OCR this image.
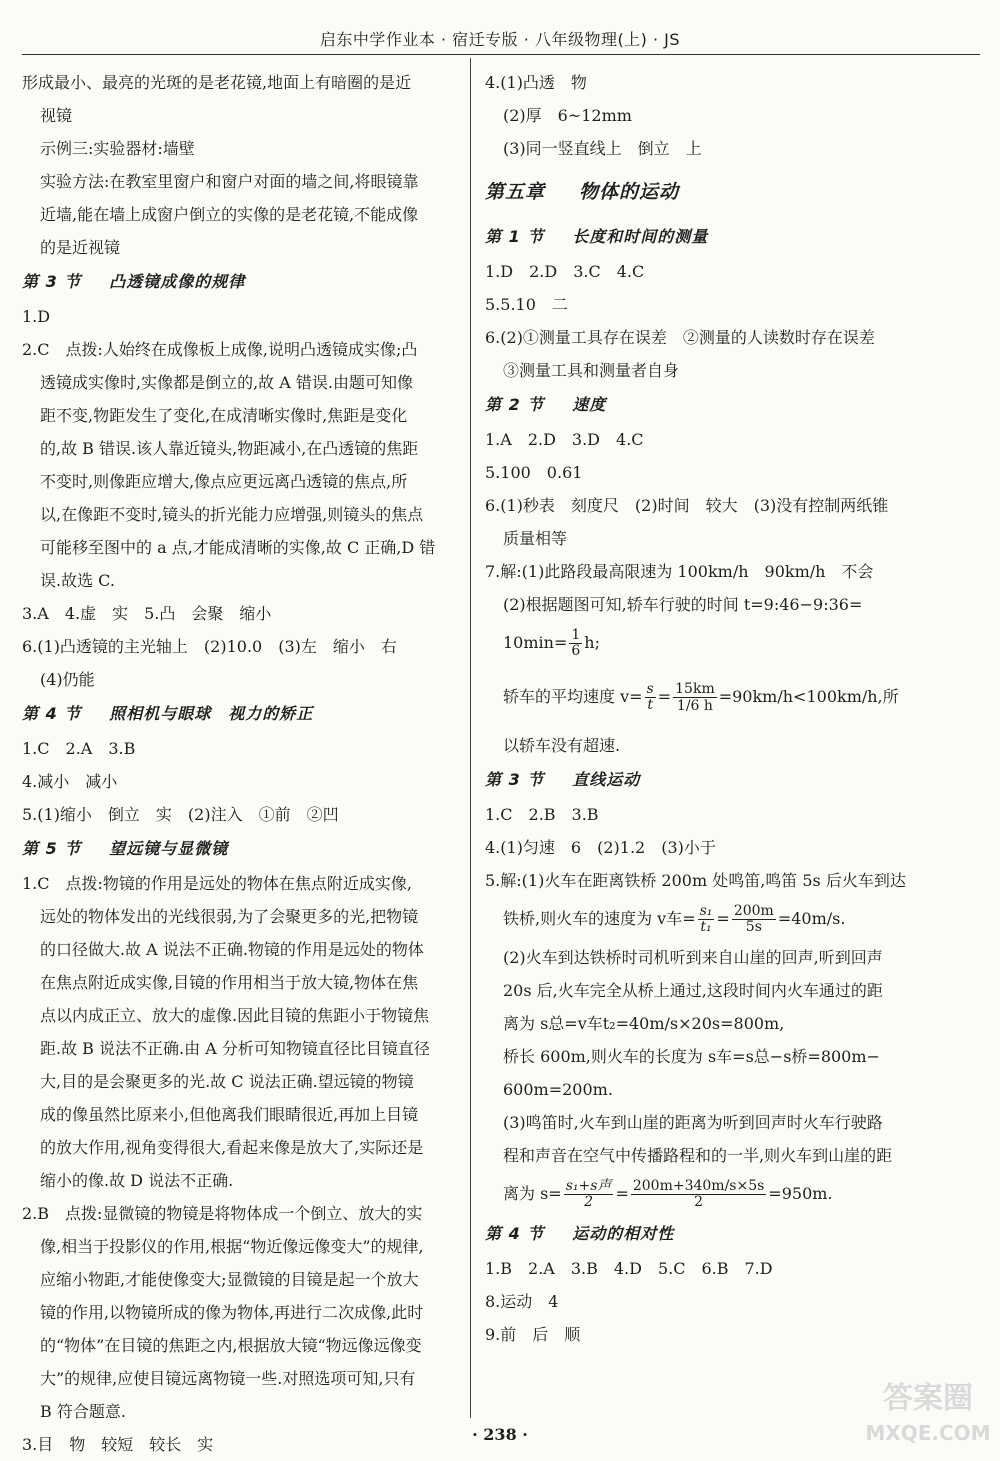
启东中学作业本 · 宿迁专版 · 八年级物理(上) · JS

形成最小、最亮的光斑的是老花镜,地面上有暗圈的是近

视镜

示例三:实验器材:墙壁

实验方法:在教室里窗户和窗户对面的墙之间,将眼镜靠

近墙,能在墙上成窗户倒立的实像的是老花镜,不能成像

的是近视镜

第 3 节 凸透镜成像的规律

1.D

2.C　点拨:人始终在成像板上成像,说明凸透镜成实像;凸

透镜成实像时,实像都是倒立的,故 A 错误.由题可知像

距不变,物距发生了变化,在成清晰实像时,焦距是变化

的,故 B 错误.该人靠近镜头,物距减小,在凸透镜的焦距

不变时,则像距应增大,像点应更远离凸透镜的焦点,所

以,在像距不变时,镜头的折光能力应增强,则镜头的焦点

可能移至图中的 a 点,才能成清晰的实像,故 C 正确,D 错

误.故选 C.

3.A　4.虚　实　5.凸　会聚　缩小

6.(1)凸透镜的主光轴上　(2)10.0　(3)左　缩小　右

(4)仍能

第 4 节 照相机与眼球　视力的矫正

1.C　2.A　3.B

4.减小　减小

5.(1)缩小　倒立　实　(2)注入　①前　②凹

第 5 节 望远镜与显微镜

1.C　点拨:物镜的作用是远处的物体在焦点附近成实像,

远处的物体发出的光线很弱,为了会聚更多的光,把物镜

的口径做大.故 A 说法不正确.物镜的作用是远处的物体

在焦点附近成实像,目镜的作用相当于放大镜,物体在焦

点以内成正立、放大的虚像.因此目镜的焦距小于物镜焦

距.故 B 说法不正确.由 A 分析可知物镜直径比目镜直径

大,目的是会聚更多的光.故 C 说法正确.望远镜的物镜

成的像虽然比原来小,但他离我们眼睛很近,再加上目镜

的放大作用,视角变得很大,看起来像是放大了,实际还是

缩小的像.故 D 说法不正确.

2.B　点拨:显微镜的物镜是将物体成一个倒立、放大的实

像,相当于投影仪的作用,根据“物近像远像变大”的规律,

应缩小物距,才能使像变大;显微镜的目镜是起一个放大

镜的作用,以物镜所成的像为物体,再进行二次成像,此时

的“物体”在目镜的焦距之内,根据放大镜“物远像远像变

大”的规律,应使目镜远离物镜一些.对照选项可知,只有

B 符合题意.

3.目　物　较短　较长　实

4.(1)凸透　物

(2)厚　6~12mm

(3)同一竖直线上　倒立　上

第五章 物体的运动

第 1 节 长度和时间的测量

1.D　2.D　3.C　4.C

5.5.10　二

6.(2)①测量工具存在误差　②测量的人读数时存在误差

③测量工具和测量者自身

第 2 节 速度

1.A　2.D　3.D　4.C

5.100　0.61

6.(1)秒表　刻度尺　(2)时间　较大　(3)没有控制两纸锥

质量相等

7.解:(1)此路段最高限速为 100km/h　90km/h　不会

(2)根据题图可知,轿车行驶的时间 t=9:46−9:36=

$10\min= \frac{1}{6} h$;

轿车的平均速度 $v= \frac{s}{t} = \frac{15km}{1/6 h} =90km/h<100km/h$,所

以轿车没有超速.

第 3 节 直线运动

1.C　2.B　3.B

4.(1)匀速　6　(2)1.2　(3)小于

5.解:(1)火车在距离铁桥 200m 处鸣笛,鸣笛 5s 后火车到达

铁桥,则火车的速度为 v车= $\frac{\text{s₁}}{\text{t₁}} = \frac{200m}{5s} =40m/s$.

(2)火车到达铁桥时司机听到来自山崖的回声,听到回声

20s 后,火车完全从桥上通过,这段时间内火车通过的距

离为 s总=v车t₂=40m/s×20s=800m,

桥长 600m,则火车的长度为 s车=s总−s桥=800m−

600m=200m.

(3)鸣笛时,火车到山崖的距离为听到回声时火车行驶路

程和声音在空气中传播路程和的一半,则火车到山崖的距

离为 $s= \frac{\text{s₁+s声}}{2} = \frac{200m+340m/s\times 5s}{2} =950m$.

第 4 节 运动的相对性

1.B　2.A　3.B　4.D　5.C　6.B　7.D

8.运动　4

9.前　后　顺

· 238 ·
答案圈
MXQE.COM
